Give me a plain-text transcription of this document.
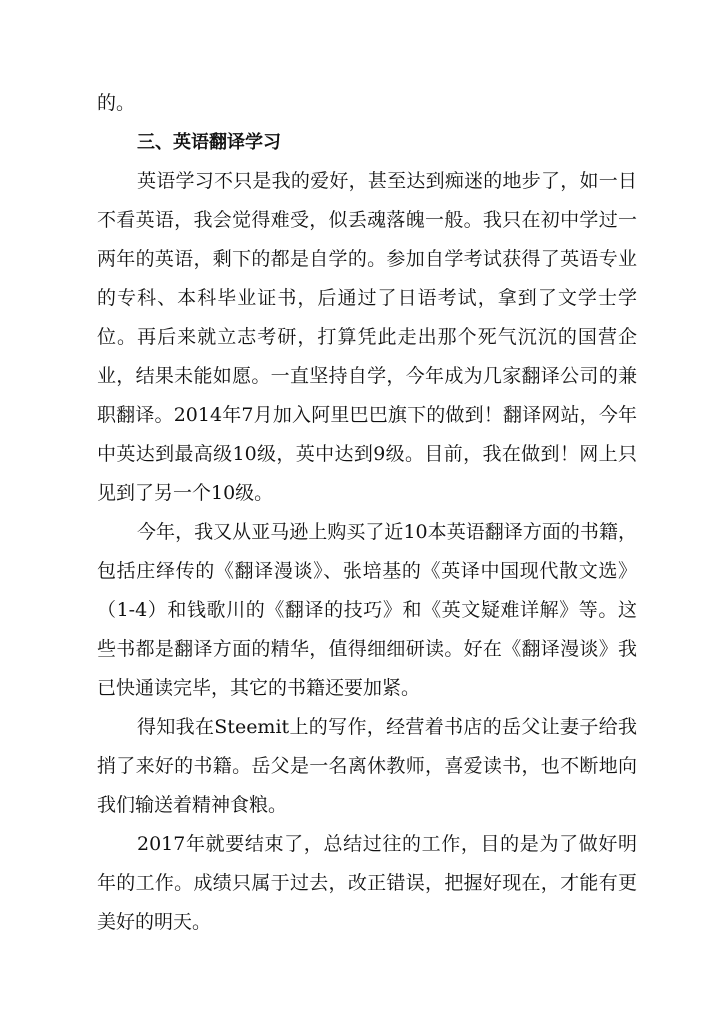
的。

三、英语翻译学习

英语学习不只是我的爱好，甚至达到痴迷的地步了，如一日不看英语，我会觉得难受，似丢魂落魄一般。我只在初中学过一两年的英语，剩下的都是自学的。参加自学考试获得了英语专业的专科、本科毕业证书，后通过了日语考试，拿到了文学士学位。再后来就立志考研，打算凭此走出那个死气沉沉的国营企业，结果未能如愿。一直坚持自学，今年成为几家翻译公司的兼职翻译。2014年7月加入阿里巴巴旗下的做到！翻译网站，今年中英达到最高级10级，英中达到9级。目前，我在做到！网上只见到了另一个10级。

今年，我又从亚马逊上购买了近10本英语翻译方面的书籍，包括庄绎传的《翻译漫谈》、张培基的《英译中国现代散文选》（1-4）和钱歌川的《翻译的技巧》和《英文疑难详解》等。这些书都是翻译方面的精华，值得细细研读。好在《翻译漫谈》我已快通读完毕，其它的书籍还要加紧。

得知我在Steemit上的写作，经营着书店的岳父让妻子给我捎了来好的书籍。岳父是一名离休教师，喜爱读书，也不断地向我们输送着精神食粮。

2017年就要结束了，总结过往的工作，目的是为了做好明年的工作。成绩只属于过去，改正错误，把握好现在，才能有更美好的明天。
